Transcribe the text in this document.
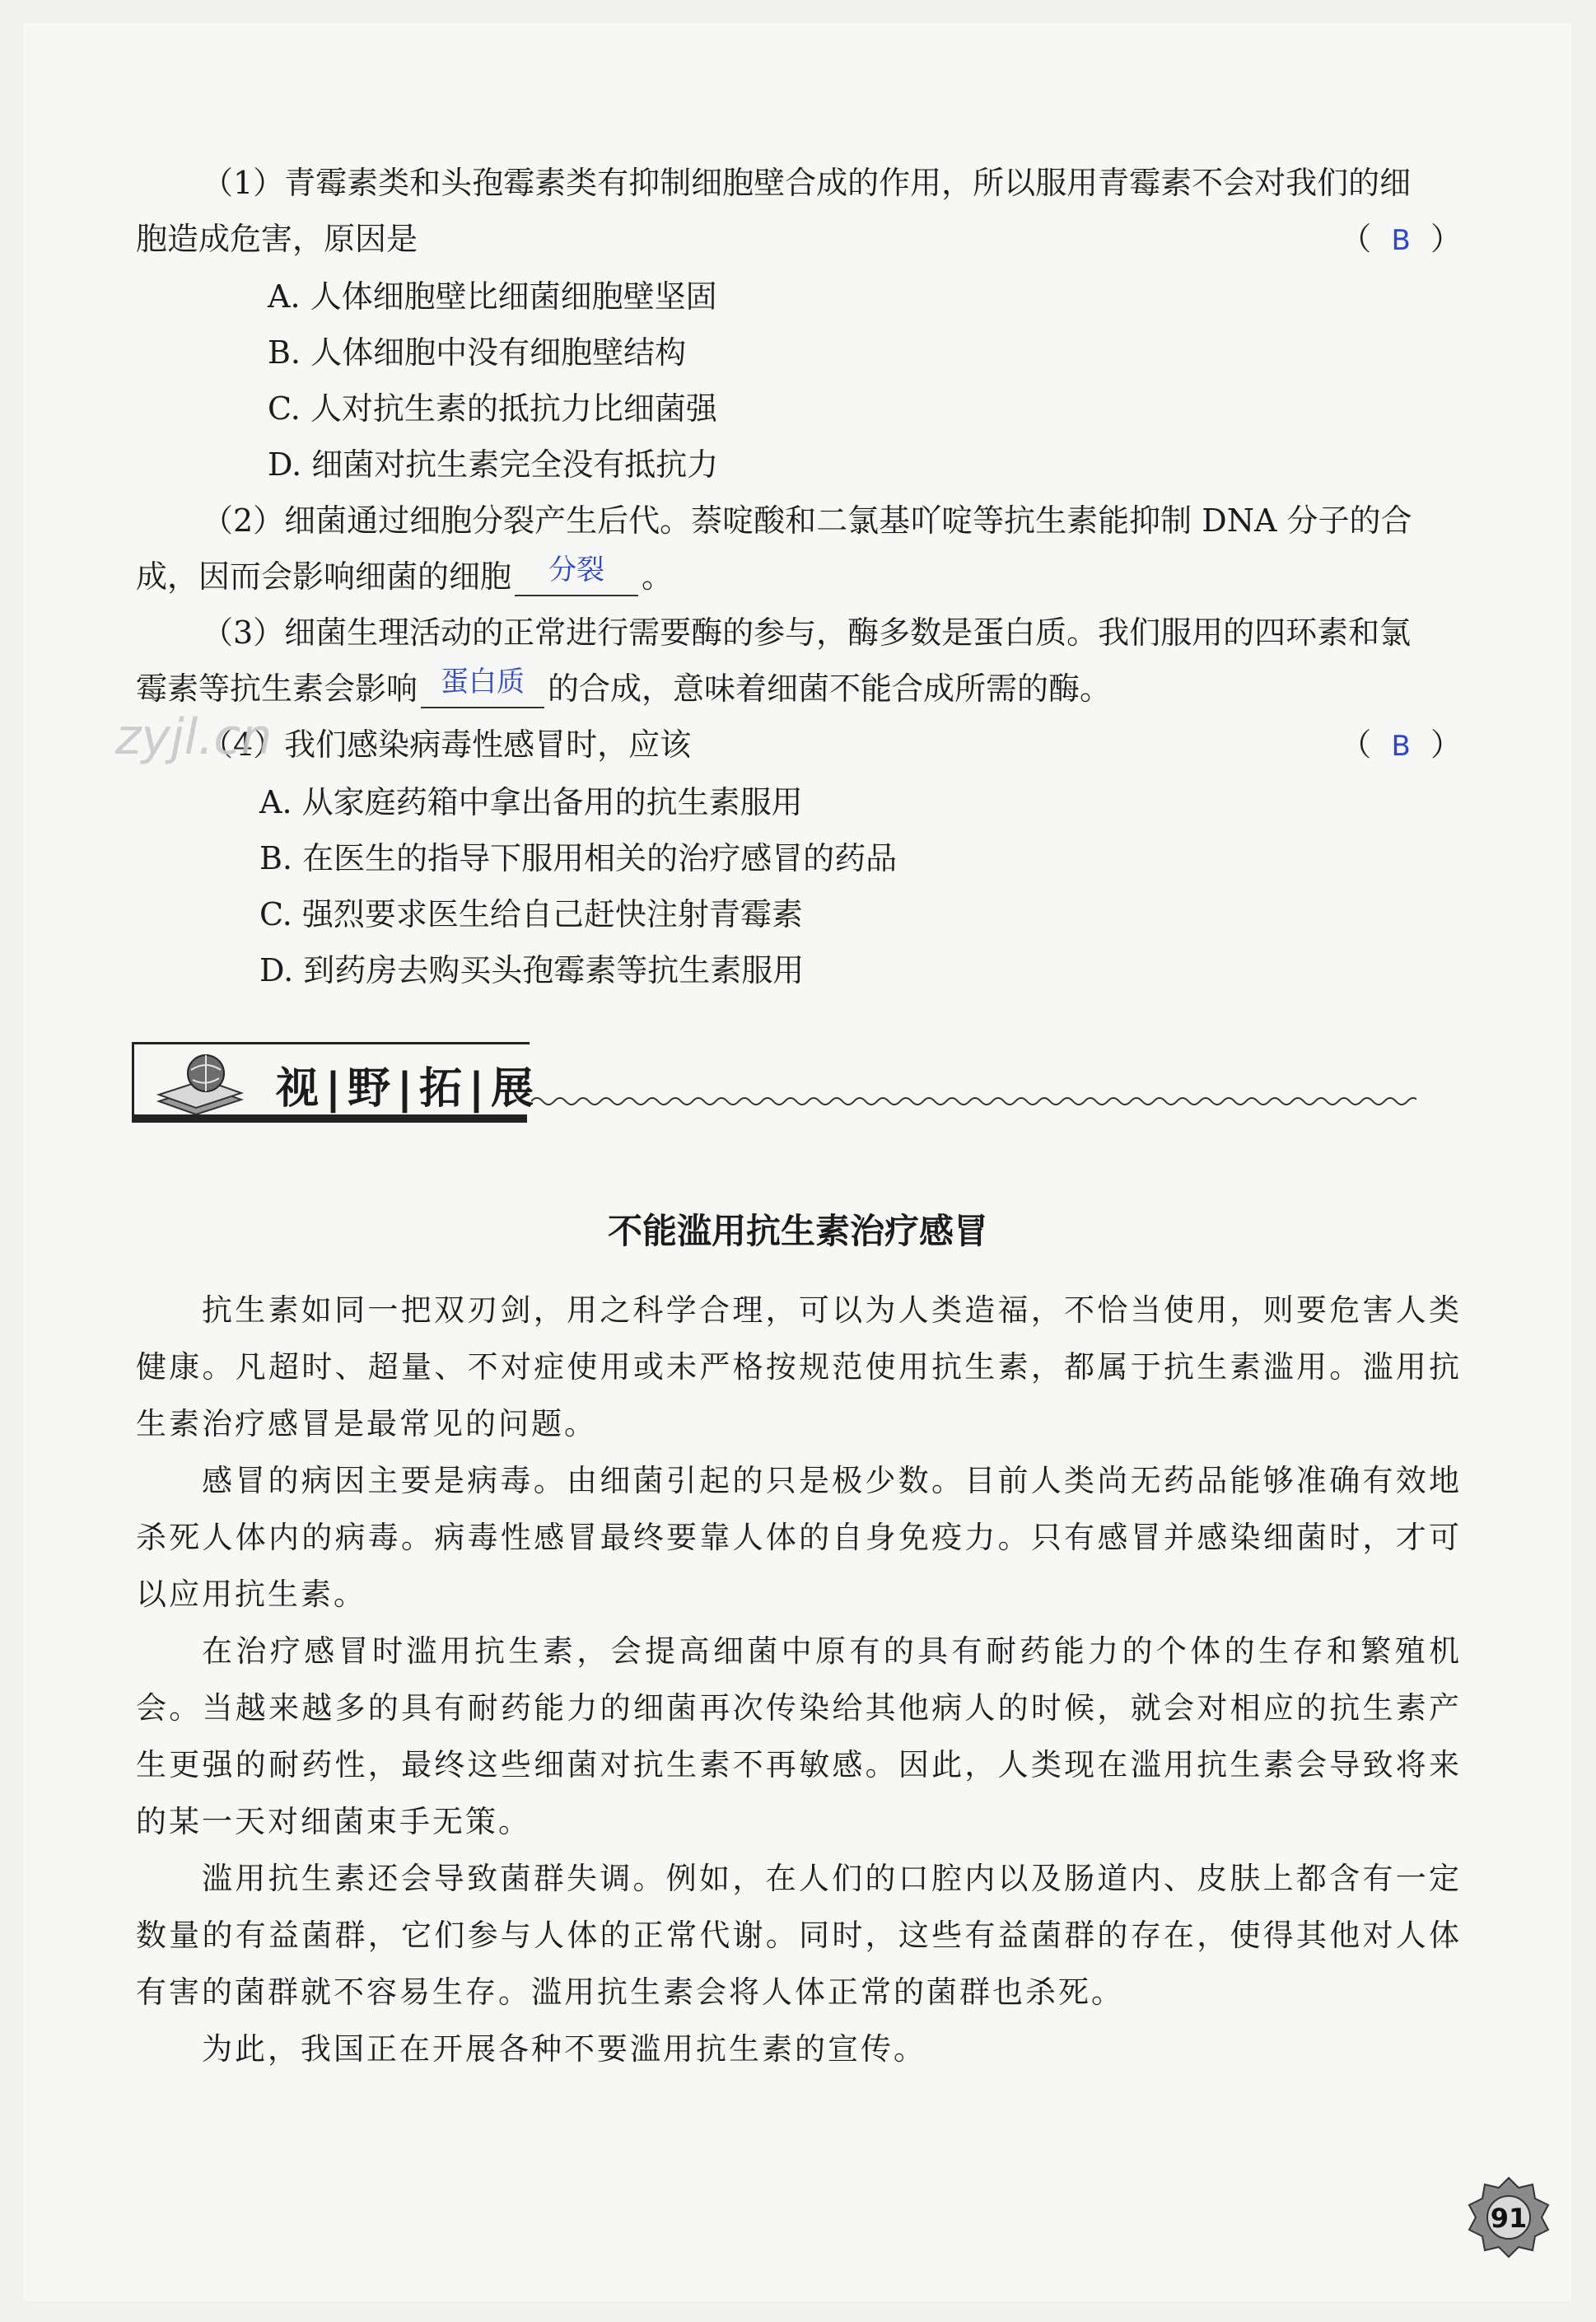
（1）青霉素类和头孢霉素类有抑制细胞壁合成的作用，所以服用青霉素不会对我们的细

胞造成危害，原因是	（ B ）

A. 人体细胞壁比细菌细胞壁坚固

B. 人体细胞中没有细胞壁结构

C. 人对抗生素的抵抗力比细菌强

D. 细菌对抗生素完全没有抵抗力

（2）细菌通过细胞分裂产生后代。萘啶酸和二氯基吖啶等抗生素能抑制 DNA 分子的合

成，因而会影响细菌的细胞 分裂 。

（3）细菌生理活动的正常进行需要酶的参与，酶多数是蛋白质。我们服用的四环素和氯

霉素等抗生素会影响 蛋白质 的合成，意味着细菌不能合成所需的酶。

（4）我们感染病毒性感冒时，应该	（ B ）

A. 从家庭药箱中拿出备用的抗生素服用

B. 在医生的指导下服用相关的治疗感冒的药品

C. 强烈要求医生给自己赶快注射青霉素

D. 到药房去购买头孢霉素等抗生素服用

zyjl.cn
视|野|拓|展
不能滥用抗生素治疗感冒

抗生素如同一把双刃剑，用之科学合理，可以为人类造福，不恰当使用，则要危害人类健康。凡超时、超量、不对症使用或未严格按规范使用抗生素，都属于抗生素滥用。滥用抗生素治疗感冒是最常见的问题。

感冒的病因主要是病毒。由细菌引起的只是极少数。目前人类尚无药品能够准确有效地杀死人体内的病毒。病毒性感冒最终要靠人体的自身免疫力。只有感冒并感染细菌时，才可以应用抗生素。

在治疗感冒时滥用抗生素，会提高细菌中原有的具有耐药能力的个体的生存和繁殖机会。当越来越多的具有耐药能力的细菌再次传染给其他病人的时候，就会对相应的抗生素产生更强的耐药性，最终这些细菌对抗生素不再敏感。因此，人类现在滥用抗生素会导致将来的某一天对细菌束手无策。

滥用抗生素还会导致菌群失调。例如，在人们的口腔内以及肠道内、皮肤上都含有一定数量的有益菌群，它们参与人体的正常代谢。同时，这些有益菌群的存在，使得其他对人体有害的菌群就不容易生存。滥用抗生素会将人体正常的菌群也杀死。

为此，我国正在开展各种不要滥用抗生素的宣传。

91
